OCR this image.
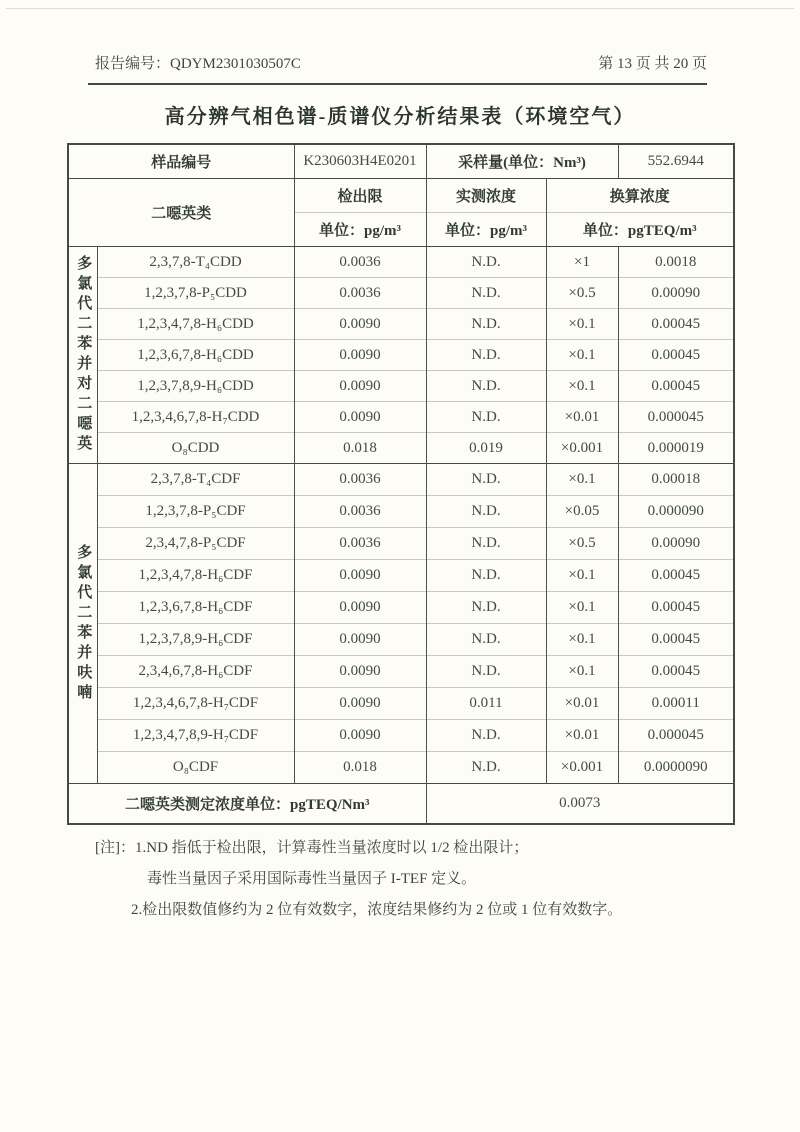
报告编号：QDYM2301030507C	第 13 页 共 20 页
高分辨气相色谱-质谱仪分析结果表（环境空气）
样品编号		K230603H4E0201	采样量(单位：Nm³)		552.6944
二噁英类		检出限	实测浓度	换算浓度	
		单位：pg/m³	单位：pg/m³	单位：pgTEQ/m³	
多氯代二苯并对二噁英	2,3,7,8-T₄CDD	0.0036	N.D.	×1	0.0018
	1,2,3,7,8-P₅CDD	0.0036	N.D.	×0.5	0.00090
	1,2,3,4,7,8-H₆CDD	0.0090	N.D.	×0.1	0.00045
	1,2,3,6,7,8-H₆CDD	0.0090	N.D.	×0.1	0.00045
	1,2,3,7,8,9-H₆CDD	0.0090	N.D.	×0.1	0.00045
	1,2,3,4,6,7,8-H₇CDD	0.0090	N.D.	×0.01	0.000045
	O₈CDD	0.018	0.019	×0.001	0.000019
多氯代二苯并呋喃	2,3,7,8-T₄CDF	0.0036	N.D.	×0.1	0.00018
	1,2,3,7,8-P₅CDF	0.0036	N.D.	×0.05	0.000090
	2,3,4,7,8-P₅CDF	0.0036	N.D.	×0.5	0.00090
	1,2,3,4,7,8-H₆CDF	0.0090	N.D.	×0.1	0.00045
	1,2,3,6,7,8-H₆CDF	0.0090	N.D.	×0.1	0.00045
	1,2,3,7,8,9-H₆CDF	0.0090	N.D.	×0.1	0.00045
	2,3,4,6,7,8-H₆CDF	0.0090	N.D.	×0.1	0.00045
	1,2,3,4,6,7,8-H₇CDF	0.0090	0.011	×0.01	0.00011
	1,2,3,4,7,8,9-H₇CDF	0.0090	N.D.	×0.01	0.000045
	O₈CDF	0.018	N.D.	×0.001	0.0000090
二噁英类测定浓度单位：pgTEQ/Nm³			0.0073		
[注]：1.ND 指低于检出限，计算毒性当量浓度时以 1/2 检出限计；
毒性当量因子采用国际毒性当量因子 I-TEF 定义。
2.检出限数值修约为 2 位有效数字，浓度结果修约为 2 位或 1 位有效数字。
